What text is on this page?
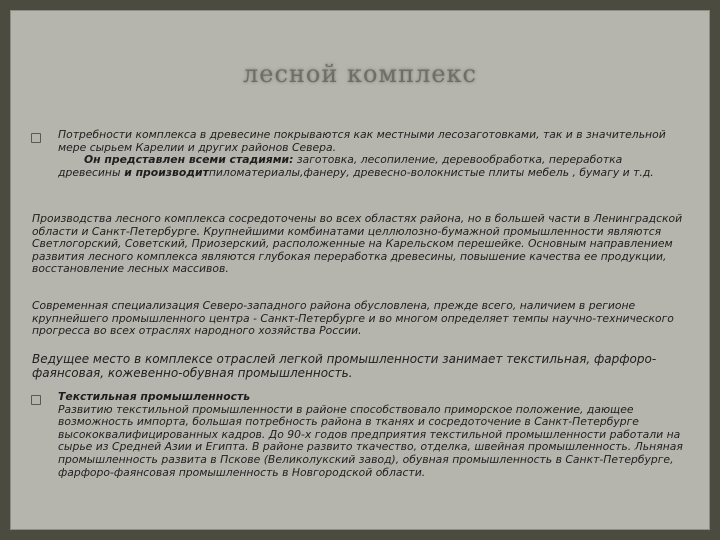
лесной комплекс

Потребности комплекса в древесине покрываются как местными лесозаготовками, так и в значительной мере сырьем Карелии и других районов Севера.
Он представлен всеми стадиями: заготовка, лесопиление, деревообработка, переработка древесины и производитпиломатериалы,фанеру, древесно-волокнистые плиты мебель , бумагу и т.д.

Производства лесного комплекса сосредоточены во всех областях района, но в большей части в Ленинградской области и Санкт-Петербурге. Крупнейшими комбинатами целлюлозно-бумажной промышленности являются Светлогорский, Советский, Приозерский, расположенные на Карельском перешейке. Основным направлением развития лесного комплекса являются глубокая переработка древесины, повышение качества ее продукции, восстановление лесных массивов.

Современная специализация Северо-западного района обусловлена, прежде всего, наличием в регионе крупнейшего промышленного центра - Санкт-Петербурге и во многом определяет темпы научно-технического прогресса во всех отраслях народного хозяйства России.

Ведущее место в комплексе отраслей легкой промышленности занимает текстильная, фарфоро-фаянсовая, кожевенно-обувная промышленность.

Текстильная промышленность
Развитию текстильной промышленности в районе способствовало приморское положение, дающее возможность импорта, большая потребность района в тканях и сосредоточение в Санкт-Петербурге высококвалифицированных кадров. До 90-х годов предприятия текстильной промышленности работали на сырье из Средней Азии и Египта. В районе развито ткачество, отделка, швейная промышленность. Льняная промышленность развита в Пскове (Великолукский завод), обувная промышленность в Санкт-Петербурге, фарфоро-фаянсовая промышленность в Новгородской области.
